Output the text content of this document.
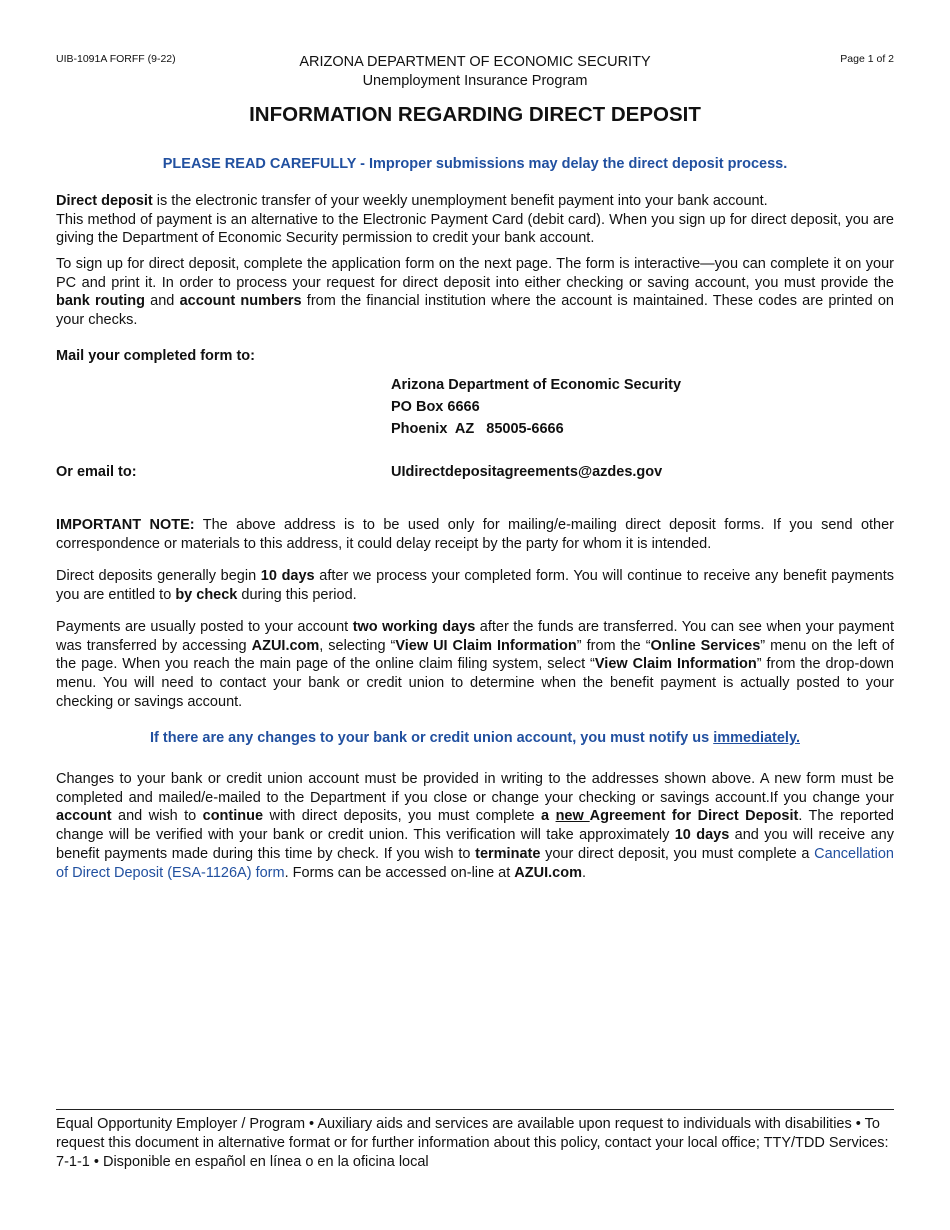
UIB-1091A FORFF (9-22)	Page 1 of 2
ARIZONA DEPARTMENT OF ECONOMIC SECURITY
Unemployment Insurance Program
INFORMATION REGARDING DIRECT DEPOSIT
PLEASE READ CAREFULLY - Improper submissions may delay the direct deposit process.

Direct deposit is the electronic transfer of your weekly unemployment benefit payment into your bank account.

This method of payment is an alternative to the Electronic Payment Card (debit card). When you sign up for direct deposit, you are giving the Department of Economic Security permission to credit your bank account.

To sign up for direct deposit, complete the application form on the next page. The form is interactive—you can complete it on your PC and print it. In order to process your request for direct deposit into either checking or saving account, you must provide the bank routing and account numbers from the financial institution where the account is maintained. These codes are printed on your checks.

Mail your completed form to:
Arizona Department of Economic Security
PO Box 6666
Phoenix  AZ 85005-6666
Or email to:	UIdirectdepositagreements@azdes.gov

IMPORTANT NOTE: The above address is to be used only for mailing/e-mailing direct deposit forms. If you send other correspondence or materials to this address, it could delay receipt by the party for whom it is intended.

Direct deposits generally begin 10 days after we process your completed form. You will continue to receive any benefit payments you are entitled to by check during this period.

Payments are usually posted to your account two working days after the funds are transferred. You can see when your payment was transferred by accessing AZUI.com, selecting “View UI Claim Information” from the “Online Services” menu on the left of the page. When you reach the main page of the online claim filing system, select “View Claim Information” from the drop-down menu. You will need to contact your bank or credit union to determine when the benefit payment is actually posted to your checking or savings account.

If there are any changes to your bank or credit union account, you must notify us immediately.

Changes to your bank or credit union account must be provided in writing to the addresses shown above. A new form must be completed and mailed/e-mailed to the Department if you close or change your checking or savings account.If you change your account and wish to continue with direct deposits, you must complete a new Agreement for Direct Deposit. The reported change will be verified with your bank or credit union. This verification will take approximately 10 days and you will receive any benefit payments made during this time by check. If you wish to terminate your direct deposit, you must complete a Cancellation of Direct Deposit (ESA-1126A) form. Forms can be accessed on-line at AZUI.com.

Equal Opportunity Employer / Program • Auxiliary aids and services are available upon request to individuals with disabilities • To request this document in alternative format or for further information about this policy, contact your local office; TTY/TDD Services: 7-1-1 • Disponible en español en línea o en la oficina local
